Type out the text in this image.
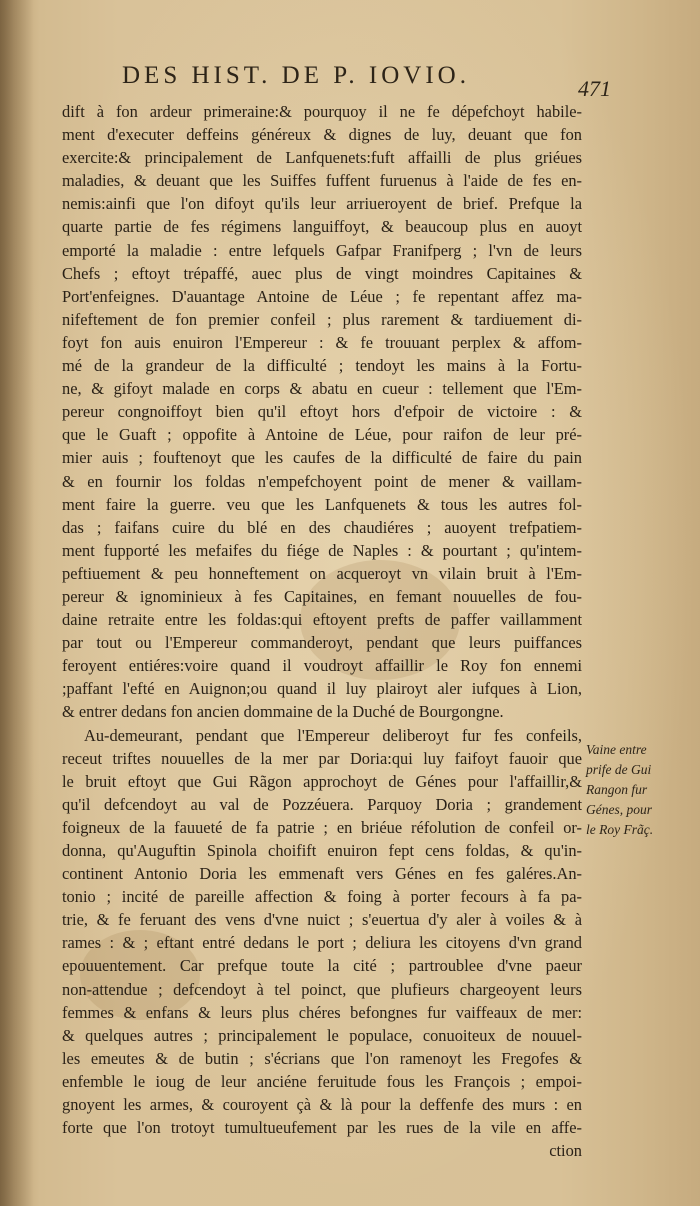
DES HIST. DE P. IOVIO.	471
dift à fon ardeur primeraine:& pourquoy il ne fe dépefchoyt habile-
ment d'executer deffeins généreux & dignes de luy, deuant que fon
exercite:& principalement de Lanfquenets:fuft affailli de plus griéues
maladies, & deuant que les Suiffes fuffent furuenus à l'aide de fes en-
nemis:ainfi que l'on difoyt qu'ils leur arriueroyent de brief. Prefque la
quarte partie de fes régimens languiffoyt, & beaucoup plus en auoyt
emporté la maladie : entre lefquels Gafpar Franifperg ; l'vn de leurs
Chefs ; eftoyt trépaffé, auec plus de vingt moindres Capitaines &
Port'enfeignes. D'auantage Antoine de Léue ; fe repentant affez ma-
nifeftement de fon premier confeil ; plus rarement & tardiuement di-
foyt fon auis enuiron l'Empereur : & fe trouuant perplex & affom-
mé de la grandeur de la difficulté ; tendoyt les mains à la Fortu-
ne, & gifoyt malade en corps & abatu en cueur : tellement que l'Em-
pereur congnoiffoyt bien qu'il eftoyt hors d'efpoir de victoire : &
que le Guaft ; oppofite à Antoine de Léue, pour raifon de leur pré-
mier auis ; fouftenoyt que les caufes de la difficulté de faire du pain
& en fournir los foldas n'empefchoyent point de mener & vaillam-
ment faire la guerre. veu que les Lanfquenets & tous les autres fol-
das ; faifans cuire du blé en des chaudiéres ; auoyent trefpatiem-
ment fupporté les mefaifes du fiége de Naples : & pourtant ; qu'intem-
peftiuement & peu honneftement on acqueroyt vn vilain bruit à l'Em-
pereur & ignominieux à fes Capitaines, en femant nouuelles de fou-
daine retraite entre les foldas:qui eftoyent prefts de paffer vaillamment
par tout ou l'Empereur commanderoyt, pendant que leurs puiffances
feroyent entiéres:voire quand il voudroyt affaillir le Roy fon ennemi
;paffant l'efté en Auignon;ou quand il luy plairoyt aler iufques à Lion,
& entrer dedans fon ancien dommaine de la Duché de Bourgongne.
Au-demeurant, pendant que l'Empereur deliberoyt fur fes confeils,
receut triftes nouuelles de la mer par Doria:qui luy faifoyt fauoir que
le bruit eftoyt que Gui Rãgon approchoyt de Génes pour l'affaillir,&
qu'il defcendoyt au val de Pozzéuera. Parquoy Doria ; grandement
foigneux de la fauueté de fa patrie ; en briéue réfolution de confeil or-
donna, qu'Auguftin Spinola choifift enuiron fept cens foldas, & qu'in-
continent Antonio Doria les emmenaft vers Génes en fes galéres.An-
tonio ; incité de pareille affection & foing à porter fecours à fa pa-
trie, & fe feruant des vens d'vne nuict ; s'euertua d'y aler à voiles & à
rames : & ; eftant entré dedans le port ; deliura les citoyens d'vn grand
epouuentement. Car prefque toute la cité ; partroublee d'vne paeur
non-attendue ; defcendoyt à tel poinct, que plufieurs chargeoyent leurs
femmes & enfans & leurs plus chéres befongnes fur vaiffeaux de mer:
& quelques autres ; principalement le populace, conuoiteux de nouuel-
les emeutes & de butin ; s'écrians que l'on ramenoyt les Fregofes &
enfemble le ioug de leur anciéne feruitude fous les François ; empoi-
gnoyent les armes, & couroyent çà & là pour la deffenfe des murs : en
forte que l'on trotoyt tumultueufement par les rues de la vile en affe-
ction
Vaine entre
prife de Gui
Rangon fur
Génes, pour
le Roy Frãç.
